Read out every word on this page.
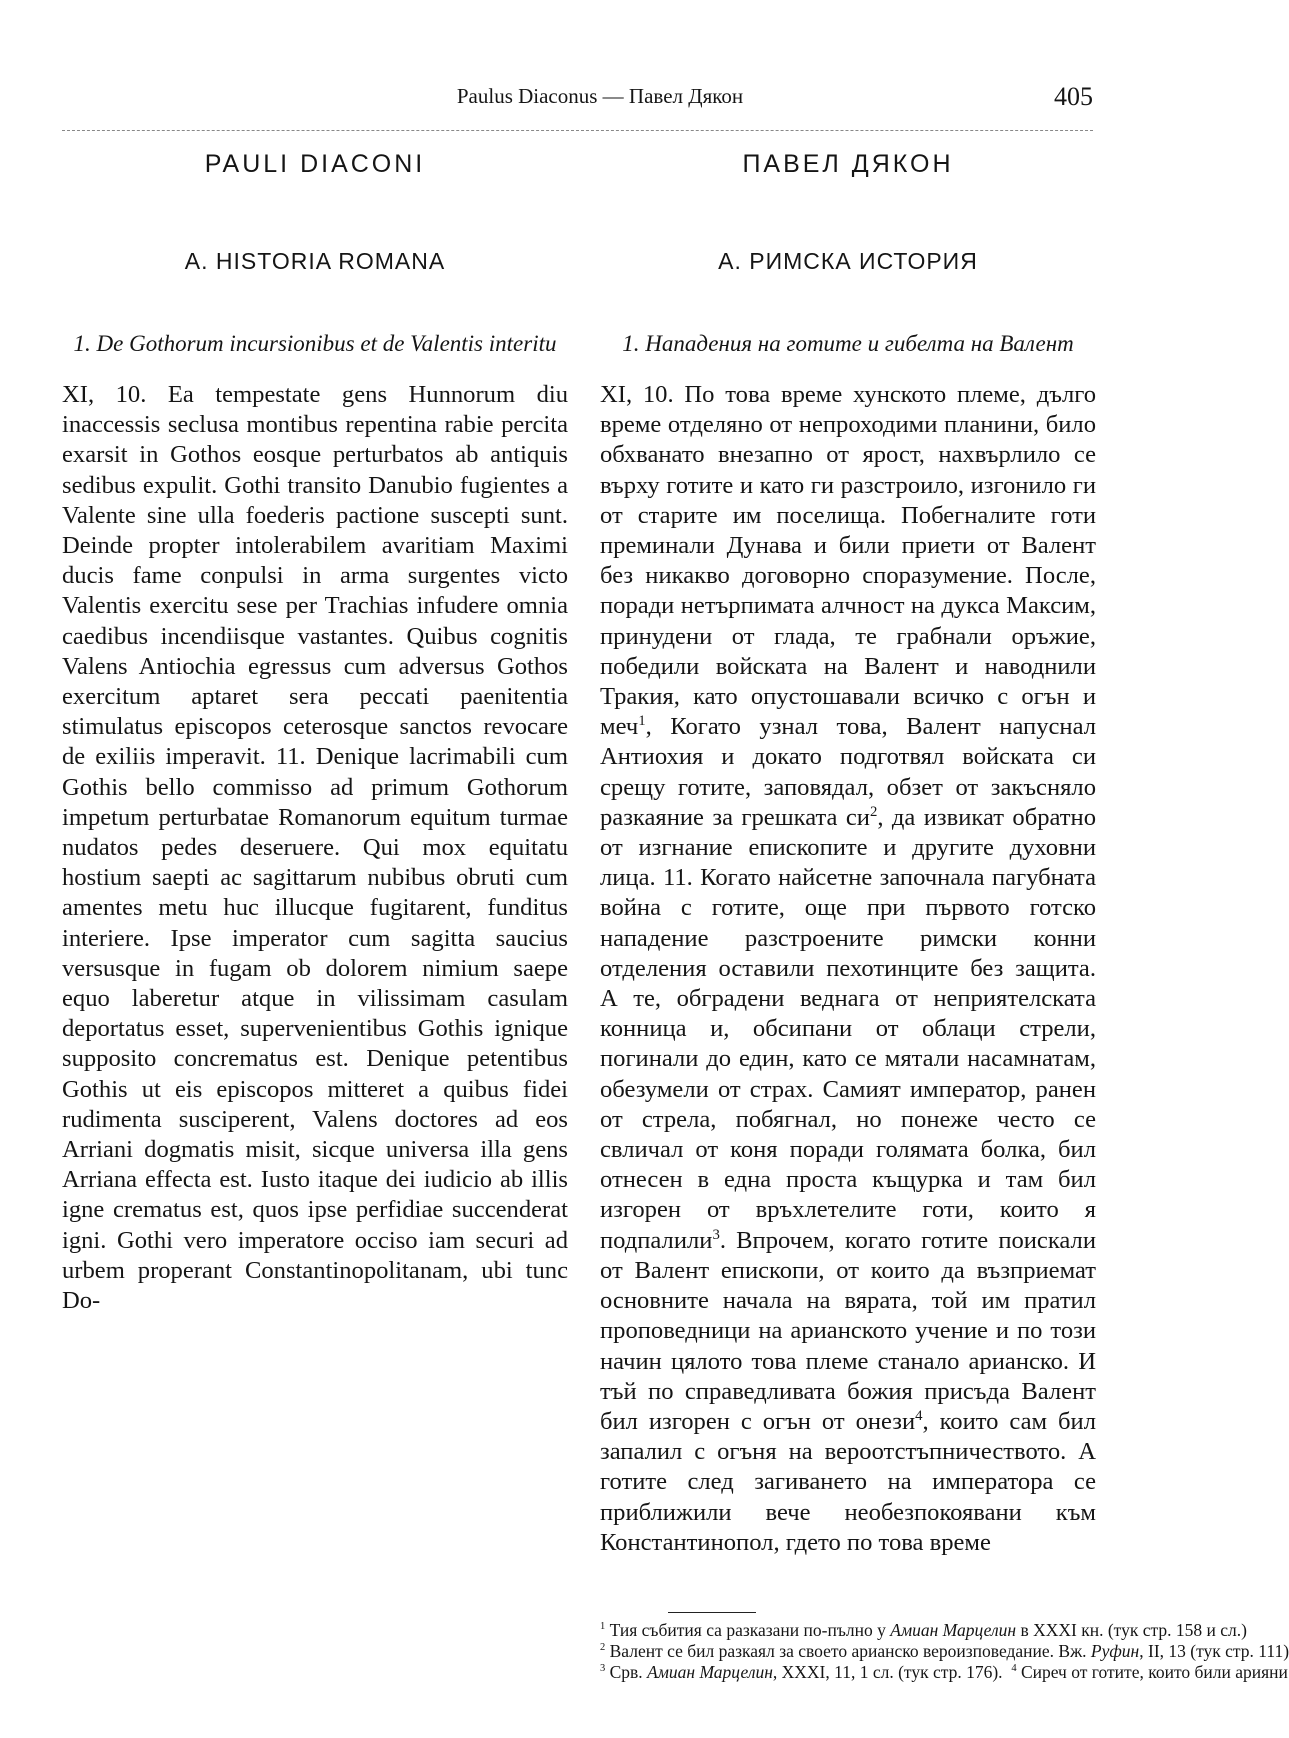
Paulus Diaconus — Павел Дякон	405
PAULI DIACONI
A. HISTORIA ROMANA
1. De Gothorum incursionibus et de Valentis interitu
XI, 10. Ea tempestate gens Hunnorum diu inaccessis seclusa montibus repentina rabie percita exarsit in Gothos eosque perturbatos ab antiquis sedibus expulit. Gothi transito Danubio fugientes a Valente sine ulla foederis pactione suscepti sunt. Deinde propter intolerabilem avaritiam Maximi ducis fame conpulsi in arma surgentes victo Valentis exercitu sese per Trachias infudere omnia caedibus incendiisque vastantes. Quibus cognitis Valens Antiochia egressus cum adversus Gothos exercitum aptaret sera peccati paenitentia stimulatus episcopos ceterosque sanctos revocare de exiliis imperavit. 11. Denique lacrimabili cum Gothis bello commisso ad primum Gothorum impetum perturbatae Romanorum equitum turmae nudatos pedes deseruere. Qui mox equitatu hostium saepti ac sagittarum nubibus obruti cum amentes metu huc illucque fugitarent, funditus interiere. Ipse imperator cum sagitta saucius versusque in fugam ob dolorem nimium saepe equo laberetur atque in vilissimam casulam deportatus esset, supervenientibus Gothis ignique supposito concrematus est. Denique petentibus Gothis ut eis episcopos mitteret a quibus fidei rudimenta susciperent, Valens doctores ad eos Arriani dogmatis misit, sicque universa illa gens Arriana effecta est. Iusto itaque dei iudicio ab illis igne crematus est, quos ipse perfidiae succenderat igni. Gothi vero imperatore occiso iam securi ad urbem properant Constantinopolitanam, ubi tunc Do-
ПАВЕЛ ДЯКОН
А. РИМСКА ИСТОРИЯ
1. Нападения на готите и гибелта на Валент
XI, 10. По това време хунското племе, дълго време отделяно от непроходими планини, било обхванато внезапно от ярост, нахвърлило се върху готите и като ги разстроило, изгонило ги от старите им поселища. Побегналите готи преминали Дунава и били приети от Валент без никакво договорно споразумение. После, поради нетърпимата алчност на дукса Максим, принудени от глада, те грабнали оръжие, победили войската на Валент и наводнили Тракия, като опустошавали всичко с огън и меч$^1$, Когато узнал това, Валент напуснал Антиохия и докато подготвял войската си срещу готите, заповядал, обзет от закъсняло разкаяние за грешката $си^2$, да извикат обратно от изгнание епископите и другите духовни лица. 11. Когато найсетне започнала пагубната война с готите, още при първото готско нападение разстроените римски конни отделения оставили пехотинците без защита. А те, обградени веднага от неприятелската конница и, обсипани от облаци стрели, погинали до един, като се мятали насамнатам, обезумели от страх. Самият император, ранен от стрела, побягнал, но понеже често се свличал от коня поради голямата болка, бил отнесен в една проста къщурка и там бил изгорен от връхлетелите готи, които я подпалили$^3$. Впрочем, когато готите поискали от Валент епископи, от които да възприемат основните начала на вярата, той им пратил проповедници на арианското учение и по този начин цялото това племе станало арианско. И тъй по справедливата божия присъда Валент бил изгорен с огън от онези$^4$, които сам бил запалил с огъня на вероотстъпничеството. А готите след загиването на императора се приближили вече необезпокоявани към Константинопол, гдето по това време
$^1$ Тия събития са разказани по-пълно у Амиан Марцелин в XXXI кн. (тук стр. 158 и сл.)
$^2$ Валент се бил разкаял за своето арианско вероизповедание. Вж. Руфин, II, 13 (тук стр. 111)
$^3$ Срв. Амиан Марцелин, XXXI, 11, 1 сл. (тук стр. 176). $^4$ Сиреч от готите, които били арияни
